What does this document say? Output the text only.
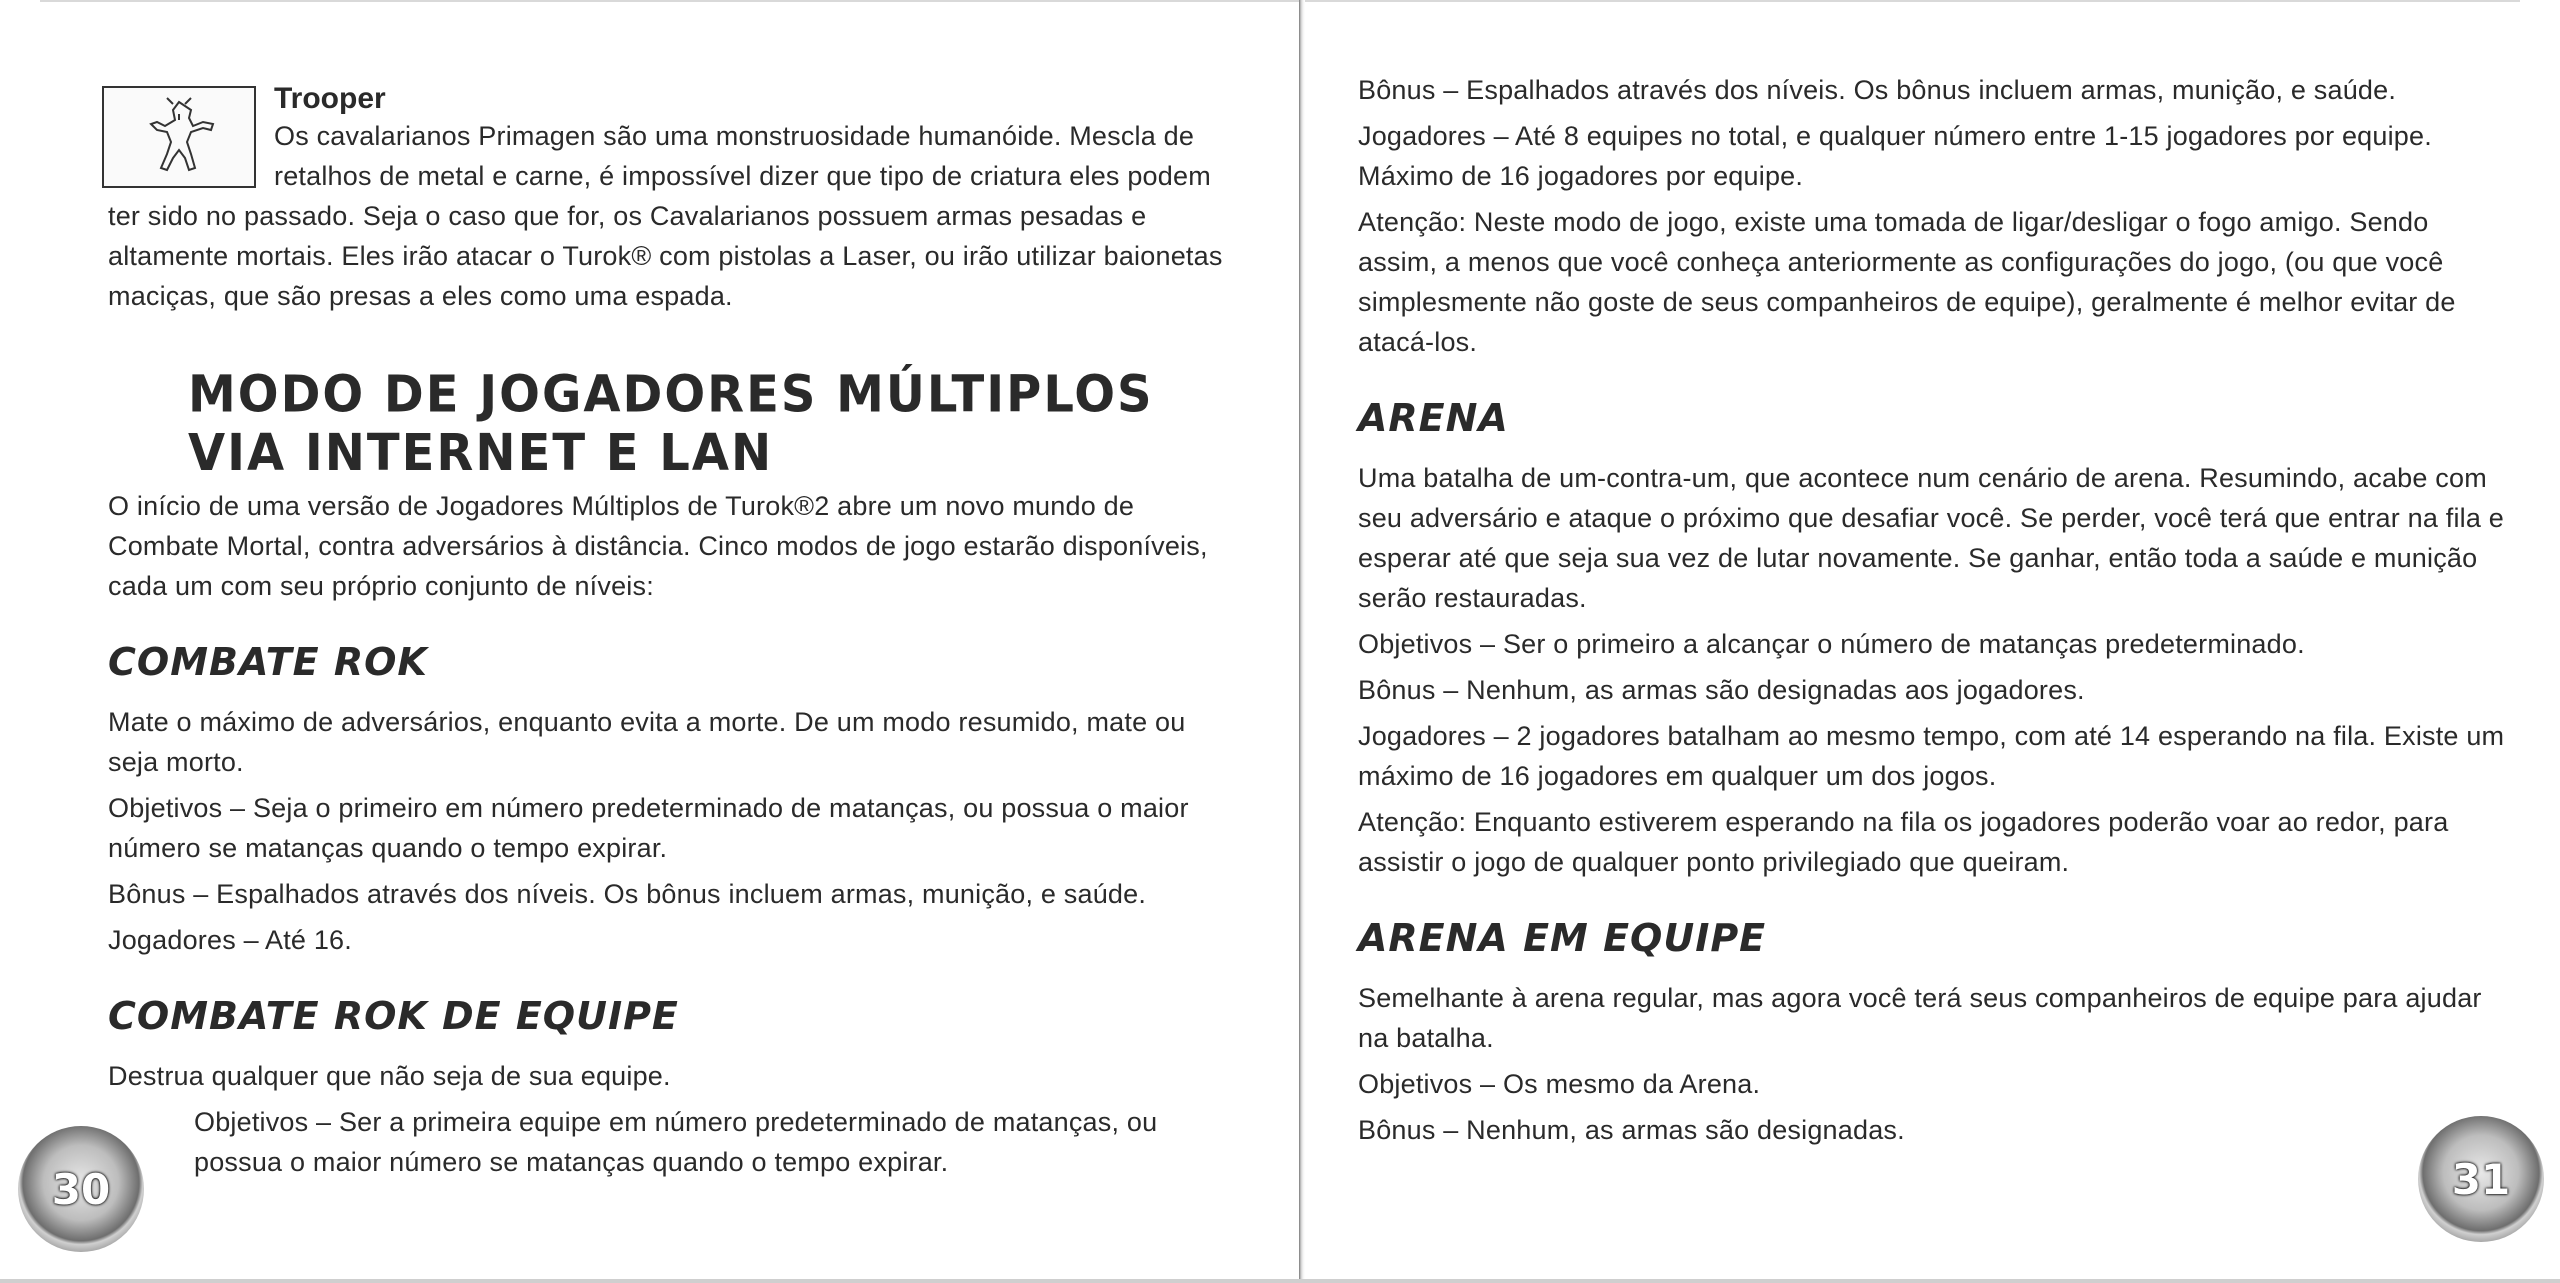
Trooper

Os cavalarianos Primagen são uma monstruosidade humanóide. Mescla de retalhos de metal e carne, é impossível dizer que tipo de criatura eles podem ter sido no passado. Seja o caso que for, os Cavalarianos possuem armas pesadas e altamente mortais. Eles irão atacar o Turok® com pistolas a Laser, ou irão utilizar baionetas maciças, que são presas a eles como uma espada.

MODO DE JOGADORES MÚLTIPLOS VIA INTERNET E LAN

O início de uma versão de Jogadores Múltiplos de Turok®2 abre um novo mundo de Combate Mortal, contra adversários à distância. Cinco modos de jogo estarão disponíveis, cada um com seu próprio conjunto de níveis:

COMBATE ROK

Mate o máximo de adversários, enquanto evita a morte. De um modo resumido, mate ou seja morto.

Objetivos – Seja o primeiro em número predeterminado de matanças, ou possua o maior número se matanças quando o tempo expirar.

Bônus – Espalhados através dos níveis. Os bônus incluem armas, munição, e saúde.

Jogadores – Até 16.

COMBATE ROK DE EQUIPE

Destrua qualquer que não seja de sua equipe.

Objetivos – Ser a primeira equipe em número predeterminado de matanças, ou possua o maior número se matanças quando o tempo expirar.

30

Bônus – Espalhados através dos níveis. Os bônus incluem armas, munição, e saúde.

Jogadores – Até 8 equipes no total, e qualquer número entre 1-15 jogadores por equipe. Máximo de 16 jogadores por equipe.

Atenção: Neste modo de jogo, existe uma tomada de ligar/desligar o fogo amigo. Sendo assim, a menos que você conheça anteriormente as configurações do jogo, (ou que você simplesmente não goste de seus companheiros de equipe), geralmente é melhor evitar de atacá-los.

ARENA

Uma batalha de um-contra-um, que acontece num cenário de arena. Resumindo, acabe com seu adversário e ataque o próximo que desafiar você. Se perder, você terá que entrar na fila e esperar até que seja sua vez de lutar novamente. Se ganhar, então toda a saúde e munição serão restauradas.

Objetivos – Ser o primeiro a alcançar o número de matanças predeterminado.

Bônus – Nenhum, as armas são designadas aos jogadores.

Jogadores – 2 jogadores batalham ao mesmo tempo, com até 14 esperando na fila. Existe um máximo de 16 jogadores em qualquer um dos jogos.

Atenção: Enquanto estiverem esperando na fila os jogadores poderão voar ao redor, para assistir o jogo de qualquer ponto privilegiado que queiram.

ARENA EM EQUIPE

Semelhante à arena regular, mas agora você terá seus companheiros de equipe para ajudar na batalha.

Objetivos – Os mesmo da Arena.

Bônus – Nenhum, as armas são designadas.

31
